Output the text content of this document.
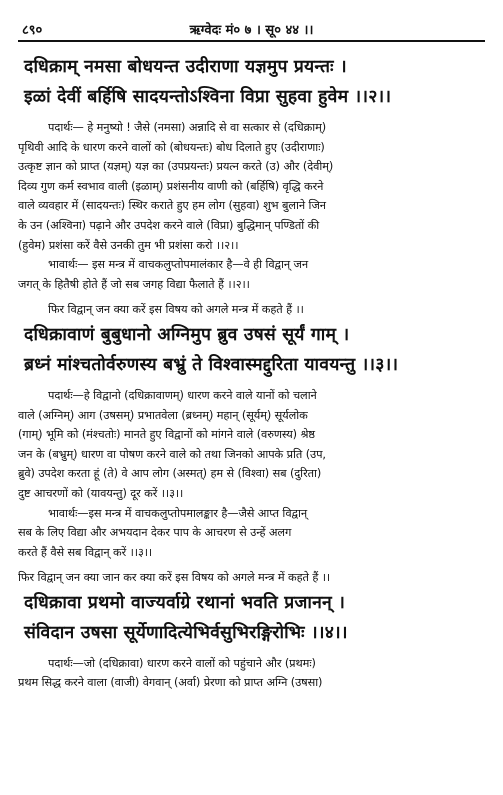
८९०	ऋग्वेदः मं० ७ । सू० ४४ ।।
दधिक्राम् नमसा बोधयन्त उदीराणा यज्ञमुप प्रयन्तः ।
इळां देवीं बर्हिषि सादयन्तोऽश्विना विप्रा सुहवा हुवेम ।।२।।
पदार्थः— हे मनुष्यो ! जैसे (नमसा) अन्नादि से वा सत्कार से (दधिक्राम्)
पृथिवी आदि के धारण करने वालों को (बोधयन्तः) बोध दिलाते हुए (उदीराणाः)
उत्कृष्ट ज्ञान को प्राप्त (यज्ञम्) यज्ञ का (उपप्रयन्तः) प्रयत्न करते (उ) और (देवीम्)
दिव्य गुण कर्म स्वभाव वाली (इळाम्) प्रशंसनीय वाणी को (बर्हिषि) वृद्धि करने
वाले व्यवहार में (सादयन्तः) स्थिर कराते हुए हम लोग (सुहवा) शुभ बुलाने जिन
के उन (अश्विना) पढ़ाने और उपदेश करने वाले (विप्रा) बुद्धिमान् पण्डितों की
(हुवेम) प्रशंसा करें वैसे उनकी तुम भी प्रशंसा करो ।।२।।
भावार्थः— इस मन्त्र में वाचकलुप्तोपमालंकार है—वे ही विद्वान् जन
जगत् के हितैषी होते हैं जो सब जगह विद्या फैलाते हैं ।।२।।
फिर विद्वान् जन क्या करें इस विषय को अगले मन्त्र में कहते हैं ।।
दधिक्रावाणं बुबुधानो अग्निमुप ब्रुव उषसं सूर्यं गाम् ।
ब्रध्नं मांश्चतोर्वरुणस्य बभ्रुं ते विश्वास्मद्दुरिता यावयन्तु ।।३।।
पदार्थः—हे विद्वानो (दधिक्रावाणम्) धारण करने वाले यानों को चलाने
वाले (अग्निम्) आग (उषसम्) प्रभातवेला (ब्रध्नम्) महान् (सूर्यम्) सूर्यलोक
(गाम्) भूमि को (मंश्चतोः) मानते हुए विद्वानों को मांगने वाले (वरुणस्य) श्रेष्ठ
जन के (बभ्रुम्) धारण वा पोषण करने वाले को तथा जिनको आपके प्रति (उप,
ब्रुवे) उपदेश करता हूं (ते) वे आप लोग (अस्मत्) हम से (विश्वा) सब (दुरिता)
दुष्ट आचरणों को (यावयन्तु) दूर करें ।।३।।
भावार्थः—इस मन्त्र में वाचकलुप्तोपमालङ्कार है—जैसे आप्त विद्वान्
सब के लिए विद्या और अभयदान देकर पाप के आचरण से उन्हें अलग
करते हैं वैसे सब विद्वान् करें ।।३।।
फिर विद्वान् जन क्या जान कर क्या करें इस विषय को अगले मन्त्र में कहते हैं ।।
दधिक्रावा प्रथमो वाज्यर्वाग्रे रथानां भवति प्रजानन् ।
संविदान उषसा सूर्येणादित्येभिर्वसुभिरङ्गिरोभिः ।।४।।
पदार्थः—जो (दधिक्रावा) धारण करने वालों को पहुंचाने और (प्रथमः)
प्रथम सिद्ध करने वाला (वाजी) वेगवान् (अर्वा) प्रेरणा को प्राप्त अग्नि (उषसा)
